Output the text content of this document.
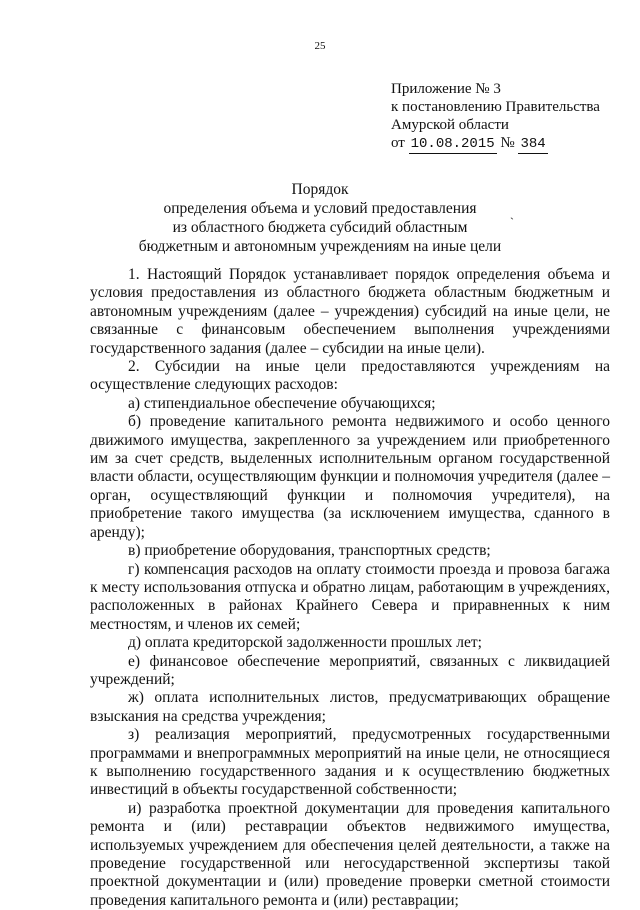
25
Приложение № 3
к постановлению Правительства
Амурской области
от 10.08.2015 № 384
ˎ
Порядок
определения объема и условий предоставления
из областного бюджета субсидий областным
бюджетным и автономным учреждениям на иные цели

1. Настоящий Порядок устанавливает порядок определения объема и условия предоставления из областного бюджета областным бюджетным и автономным учреждениям (далее – учреждения) субсидий на иные цели, не связанные с финансовым обеспечением выполнения учреждениями государственного задания (далее – субсидии на иные цели).

2. Субсидии на иные цели предоставляются учреждениям на осуществление следующих расходов:

а) стипендиальное обеспечение обучающихся;

б) проведение капитального ремонта недвижимого и особо ценного движимого имущества, закрепленного за учреждением или приобретенного им за счет средств, выделенных исполнительным органом государственной власти области, осуществляющим функции и полномочия учредителя (далее – орган, осуществляющий функции и полномочия учредителя), на приобретение такого имущества (за исключением имущества, сданного в аренду);

в) приобретение оборудования, транспортных средств;

г) компенсация расходов на оплату стоимости проезда и провоза багажа к месту использования отпуска и обратно лицам, работающим в учреждениях, расположенных в районах Крайнего Севера и приравненных к ним местностям, и членов их семей;

д) оплата кредиторской задолженности прошлых лет;

е) финансовое обеспечение мероприятий, связанных с ликвидацией учреждений;

ж) оплата исполнительных листов, предусматривающих обращение взыскания на средства учреждения;

з) реализация мероприятий, предусмотренных государственными программами и внепрограммных мероприятий на иные цели, не относящиеся к выполнению государственного задания и к осуществлению бюджетных инвестиций в объекты государственной собственности;

и) разработка проектной документации для проведения капитального ремонта и (или) реставрации объектов недвижимого имущества, используемых учреждением для обеспечения целей деятельности, а также на проведение государственной или негосударственной экспертизы такой проектной документации и (или) проведение проверки сметной стоимости проведения капитального ремонта и (или) реставрации;
